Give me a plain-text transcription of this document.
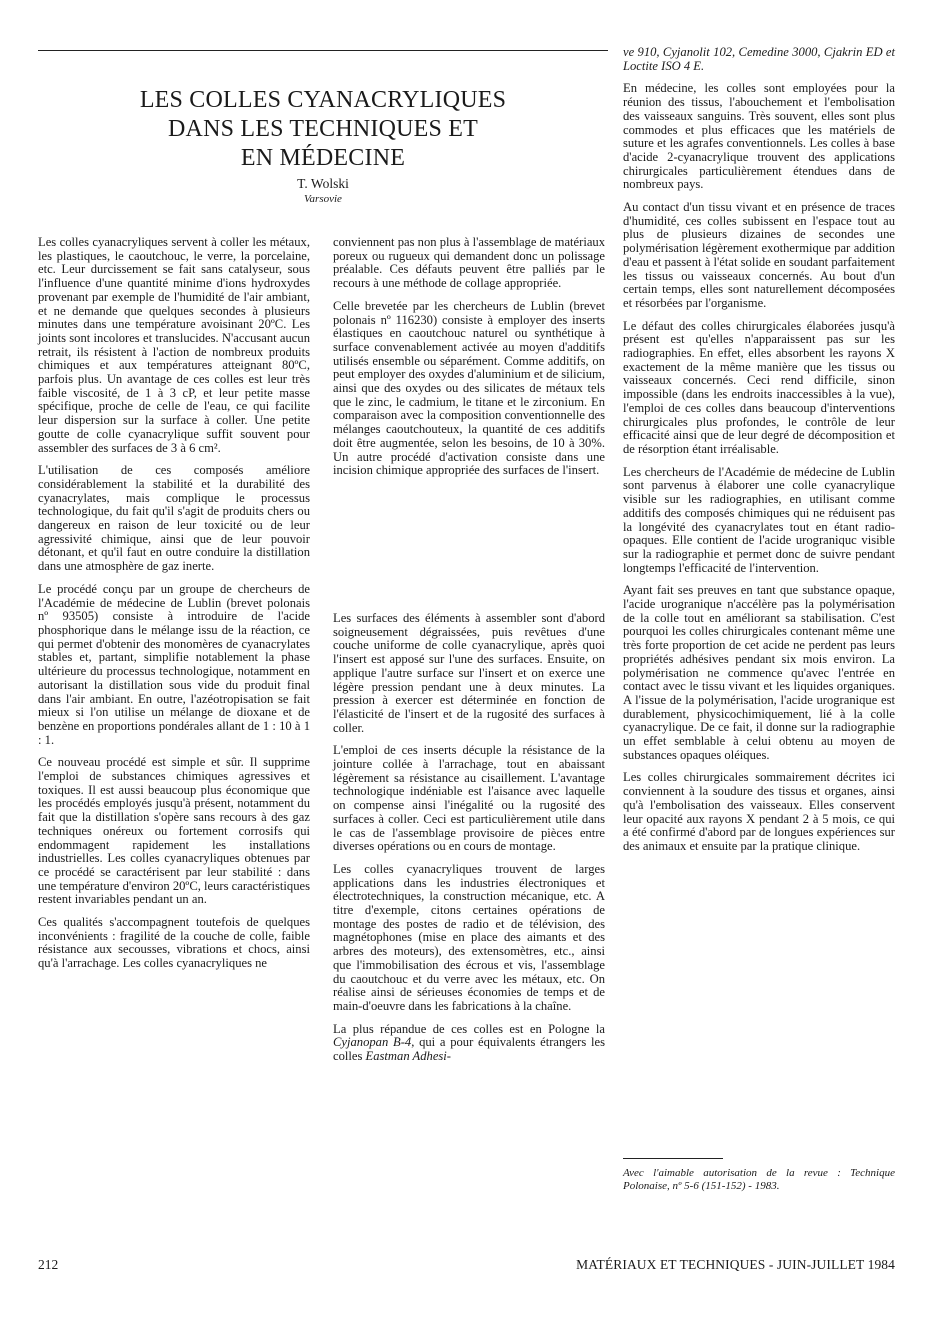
LES COLLES CYANACRYLIQUES
DANS LES TECHNIQUES ET
EN MÉDECINE
T. Wolski
Varsovie

Les colles cyanacryliques servent à coller les métaux, les plastiques, le caoutchouc, le verre, la porcelaine, etc. Leur durcissement se fait sans catalyseur, sous l'influence d'une quantité minime d'ions hydroxydes provenant par exemple de l'humidité de l'air ambiant, et ne demande que quelques secondes à plusieurs minutes dans une température avoisinant 20ºC. Les joints sont incolores et translucides. N'accusant aucun retrait, ils résistent à l'action de nombreux produits chimiques et aux températures atteignant 80ºC, parfois plus. Un avantage de ces colles est leur très faible viscosité, de 1 à 3 cP, et leur petite masse spécifique, proche de celle de l'eau, ce qui facilite leur dispersion sur la surface à coller. Une petite goutte de colle cyanacrylique suffit souvent pour assembler des surfaces de 3 à 6 cm².

L'utilisation de ces composés améliore considérablement la stabilité et la durabilité des cyanacrylates, mais complique le processus technologique, du fait qu'il s'agit de produits chers ou dangereux en raison de leur toxicité ou de leur agressivité chimique, ainsi que de leur pouvoir détonant, et qu'il faut en outre conduire la distillation dans une atmosphère de gaz inerte.

Le procédé conçu par un groupe de chercheurs de l'Académie de médecine de Lublin (brevet polonais nº 93505) consiste à introduire de l'acide phosphorique dans le mélange issu de la réaction, ce qui permet d'obtenir des monomères de cyanacrylates stables et, partant, simplifie notablement la phase ultérieure du processus technologique, notamment en autorisant la distillation sous vide du produit final dans l'air ambiant. En outre, l'azéotropisation se fait mieux si l'on utilise un mélange de dioxane et de benzène en proportions pondérales allant de 1 : 10 à 1 : 1.

Ce nouveau procédé est simple et sûr. Il supprime l'emploi de substances chimiques agressives et toxiques. Il est aussi beaucoup plus économique que les procédés employés jusqu'à présent, notamment du fait que la distillation s'opère sans recours à des gaz techniques onéreux ou fortement corrosifs qui endommagent rapidement les installations industrielles. Les colles cyanacryliques obtenues par ce procédé se caractérisent par leur stabilité : dans une température d'environ 20ºC, leurs caractéristiques restent invariables pendant un an.

Ces qualités s'accompagnent toutefois de quelques inconvénients : fragilité de la couche de colle, faible résistance aux secousses, vibrations et chocs, ainsi qu'à l'arrachage. Les colles cyanacryliques ne

conviennent pas non plus à l'assemblage de matériaux poreux ou rugueux qui demandent donc un polissage préalable. Ces défauts peuvent être palliés par le recours à une méthode de collage appropriée.

Celle brevetée par les chercheurs de Lublin (brevet polonais nº 116230) consiste à employer des inserts élastiques en caoutchouc naturel ou synthétique à surface convenablement activée au moyen d'additifs utilisés ensemble ou séparément. Comme additifs, on peut employer des oxydes d'aluminium et de silicium, ainsi que des oxydes ou des silicates de métaux tels que le zinc, le cadmium, le titane et le zirconium. En comparaison avec la composition conventionnelle des mélanges caoutchouteux, la quantité de ces additifs doit être augmentée, selon les besoins, de 10 à 30%. Un autre procédé d'activation consiste dans une incision chimique appropriée des surfaces de l'insert.

Les surfaces des éléments à assembler sont d'abord soigneusement dégraissées, puis revêtues d'une couche uniforme de colle cyanacrylique, après quoi l'insert est apposé sur l'une des surfaces. Ensuite, on applique l'autre surface sur l'insert et on exerce une légère pression pendant une à deux minutes. La pression à exercer est déterminée en fonction de l'élasticité de l'insert et de la rugosité des surfaces à coller.

L'emploi de ces inserts décuple la résistance de la jointure collée à l'arrachage, tout en abaissant légèrement sa résistance au cisaillement. L'avantage technologique indéniable est l'aisance avec laquelle on compense ainsi l'inégalité ou la rugosité des surfaces à coller. Ceci est particulièrement utile dans le cas de l'assemblage provisoire de pièces entre diverses opérations ou en cours de montage.

Les colles cyanacryliques trouvent de larges applications dans les industries électroniques et électrotechniques, la construction mécanique, etc. A titre d'exemple, citons certaines opérations de montage des postes de radio et de télévision, des magnétophones (mise en place des aimants et des arbres des moteurs), des extensomètres, etc., ainsi que l'immobilisation des écrous et vis, l'assemblage du caoutchouc et du verre avec les métaux, etc. On réalise ainsi de sérieuses économies de temps et de main-d'oeuvre dans les fabrications à la chaîne.

La plus répandue de ces colles est en Pologne la Cyjanopan B-4, qui a pour équivalents étrangers les colles Eastman Adhesi-

ve 910, Cyjanolit 102, Cemedine 3000, Cjakrin ED et Loctite ISO 4 E.

En médecine, les colles sont employées pour la réunion des tissus, l'abouchement et l'embolisation des vaisseaux sanguins. Très souvent, elles sont plus commodes et plus efficaces que les matériels de suture et les agrafes conventionnels. Les colles à base d'acide 2-cyanacrylique trouvent des applications chirurgicales particulièrement étendues dans de nombreux pays.

Au contact d'un tissu vivant et en présence de traces d'humidité, ces colles subissent en l'espace tout au plus de plusieurs dizaines de secondes une polymérisation légèrement exothermique par addition d'eau et passent à l'état solide en soudant parfaitement les tissus ou vaisseaux concernés. Au bout d'un certain temps, elles sont naturellement décomposées et résorbées par l'organisme.

Le défaut des colles chirurgicales élaborées jusqu'à présent est qu'elles n'apparaissent pas sur les radiographies. En effet, elles absorbent les rayons X exactement de la même manière que les tissus ou vaisseaux concernés. Ceci rend difficile, sinon impossible (dans les endroits inaccessibles à la vue), l'emploi de ces colles dans beaucoup d'interventions chirurgicales plus profondes, le contrôle de leur efficacité ainsi que de leur degré de décomposition et de résorption étant irréalisable.

Les chercheurs de l'Académie de médecine de Lublin sont parvenus à élaborer une colle cyanacrylique visible sur les radiographies, en utilisant comme additifs des composés chimiques qui ne réduisent pas la longévité des cyanacrylates tout en étant radio-opaques. Elle contient de l'acide urograniquc visible sur la radiographie et permet donc de suivre pendant longtemps l'efficacité de l'intervention.

Ayant fait ses preuves en tant que substance opaque, l'acide urogranique n'accélère pas la polymérisation de la colle tout en améliorant sa stabilisation. C'est pourquoi les colles chirurgicales contenant même une très forte proportion de cet acide ne perdent pas leurs propriétés adhésives pendant six mois environ. La polymérisation ne commence qu'avec l'entrée en contact avec le tissu vivant et les liquides organiques. A l'issue de la polymérisation, l'acide urogranique est durablement, physicochimiquement, lié à la colle cyanacrylique. De ce fait, il donne sur la radiographie un effet semblable à celui obtenu au moyen de substances opaques oléiques.

Les colles chirurgicales sommairement décrites ici conviennent à la soudure des tissus et organes, ainsi qu'à l'embolisation des vaisseaux. Elles conservent leur opacité aux rayons X pendant 2 à 5 mois, ce qui a été confirmé d'abord par de longues expériences sur des animaux et ensuite par la pratique clinique.

Avec l'aimable autorisation de la revue : Technique Polonaise, nº 5-6 (151-152) - 1983.
212	MATÉRIAUX ET TECHNIQUES - JUIN-JUILLET 1984
